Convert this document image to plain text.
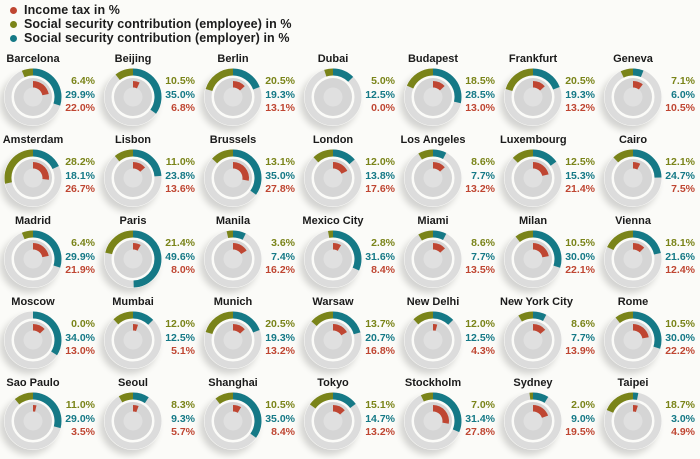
Income tax in %
Social security contribution (employee) in %
Social security contribution (employer) in %
Barcelona
6.4%
29.9%
22.0%
Beijing
10.5%
35.0%
6.8%
Berlin
20.5%
19.3%
13.1%
Dubai
5.0%
12.5%
0.0%
Budapest
18.5%
28.5%
13.0%
Frankfurt
20.5%
19.3%
13.2%
Geneva
7.1%
6.0%
10.5%
Amsterdam
28.2%
18.1%
26.7%
Lisbon
11.0%
23.8%
13.6%
Brussels
13.1%
35.0%
27.8%
London
12.0%
13.8%
17.6%
Los Angeles
8.6%
7.7%
13.2%
Luxembourg
12.5%
15.3%
21.4%
Cairo
12.1%
24.7%
7.5%
Madrid
6.4%
29.9%
21.9%
Paris
21.4%
49.6%
8.0%
Manila
3.6%
7.4%
16.2%
Mexico City
2.8%
31.6%
8.4%
Miami
8.6%
7.7%
13.5%
Milan
10.5%
30.0%
22.1%
Vienna
18.1%
21.6%
12.4%
Moscow
0.0%
34.0%
13.0%
Mumbai
12.0%
12.5%
5.1%
Munich
20.5%
19.3%
13.2%
Warsaw
13.7%
20.7%
16.8%
New Delhi
12.0%
12.5%
4.3%
New York City
8.6%
7.7%
13.9%
Rome
10.5%
30.0%
22.2%
Sao Paulo
11.0%
29.0%
3.5%
Seoul
8.3%
9.3%
5.7%
Shanghai
10.5%
35.0%
8.4%
Tokyo
15.1%
14.7%
13.2%
Stockholm
7.0%
31.4%
27.8%
Sydney
2.0%
9.0%
19.5%
Taipei
18.7%
3.0%
4.9%
